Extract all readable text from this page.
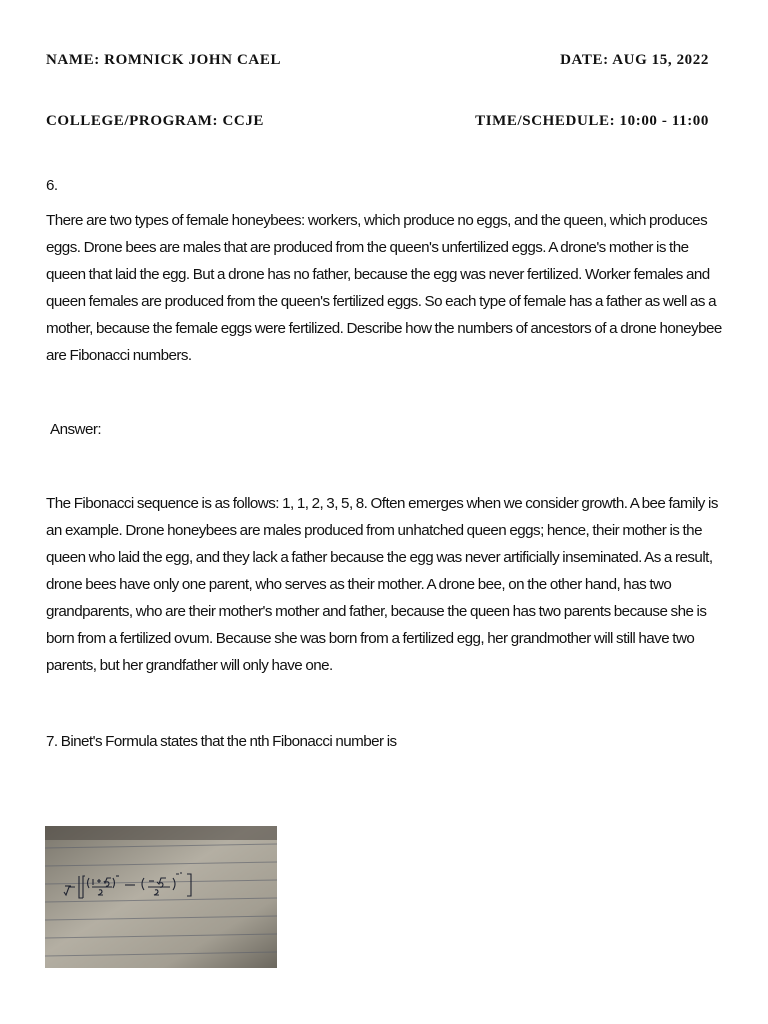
NAME: ROMNICK JOHN CAEL	DATE: AUG 15, 2022
COLLEGE/PROGRAM: CCJE	TIME/SCHEDULE: 10:00 - 11:00
6.
There are two types of female honeybees: workers, which produce no eggs, and the queen, which produces eggs. Drone bees are males that are produced from the queen's unfertilized eggs. A drone's mother is the queen that laid the egg. But a drone has no father, because the egg was never fertilized. Worker females and queen females are produced from the queen's fertilized eggs. So each type of female has a father as well as a mother, because the female eggs were fertilized. Describe how the numbers of ancestors of a drone honeybee are Fibonacci numbers.
Answer:
The Fibonacci sequence is as follows: 1, 1, 2, 3, 5, 8. Often emerges when we consider growth. A bee family is an example. Drone honeybees are males produced from unhatched queen eggs; hence, their mother is the queen who laid the egg, and they lack a father because the egg was never artificially inseminated. As a result, drone bees have only one parent, who serves as their mother. A drone bee, on the other hand, has two grandparents, who are their mother's mother and father, because the queen has two parents because she is born from a fertilized ovum. Because she was born from a fertilized egg, her grandmother will still have two parents, but her grandfather will only have one.
7. Binet's Formula states that the nth Fibonacci number is
